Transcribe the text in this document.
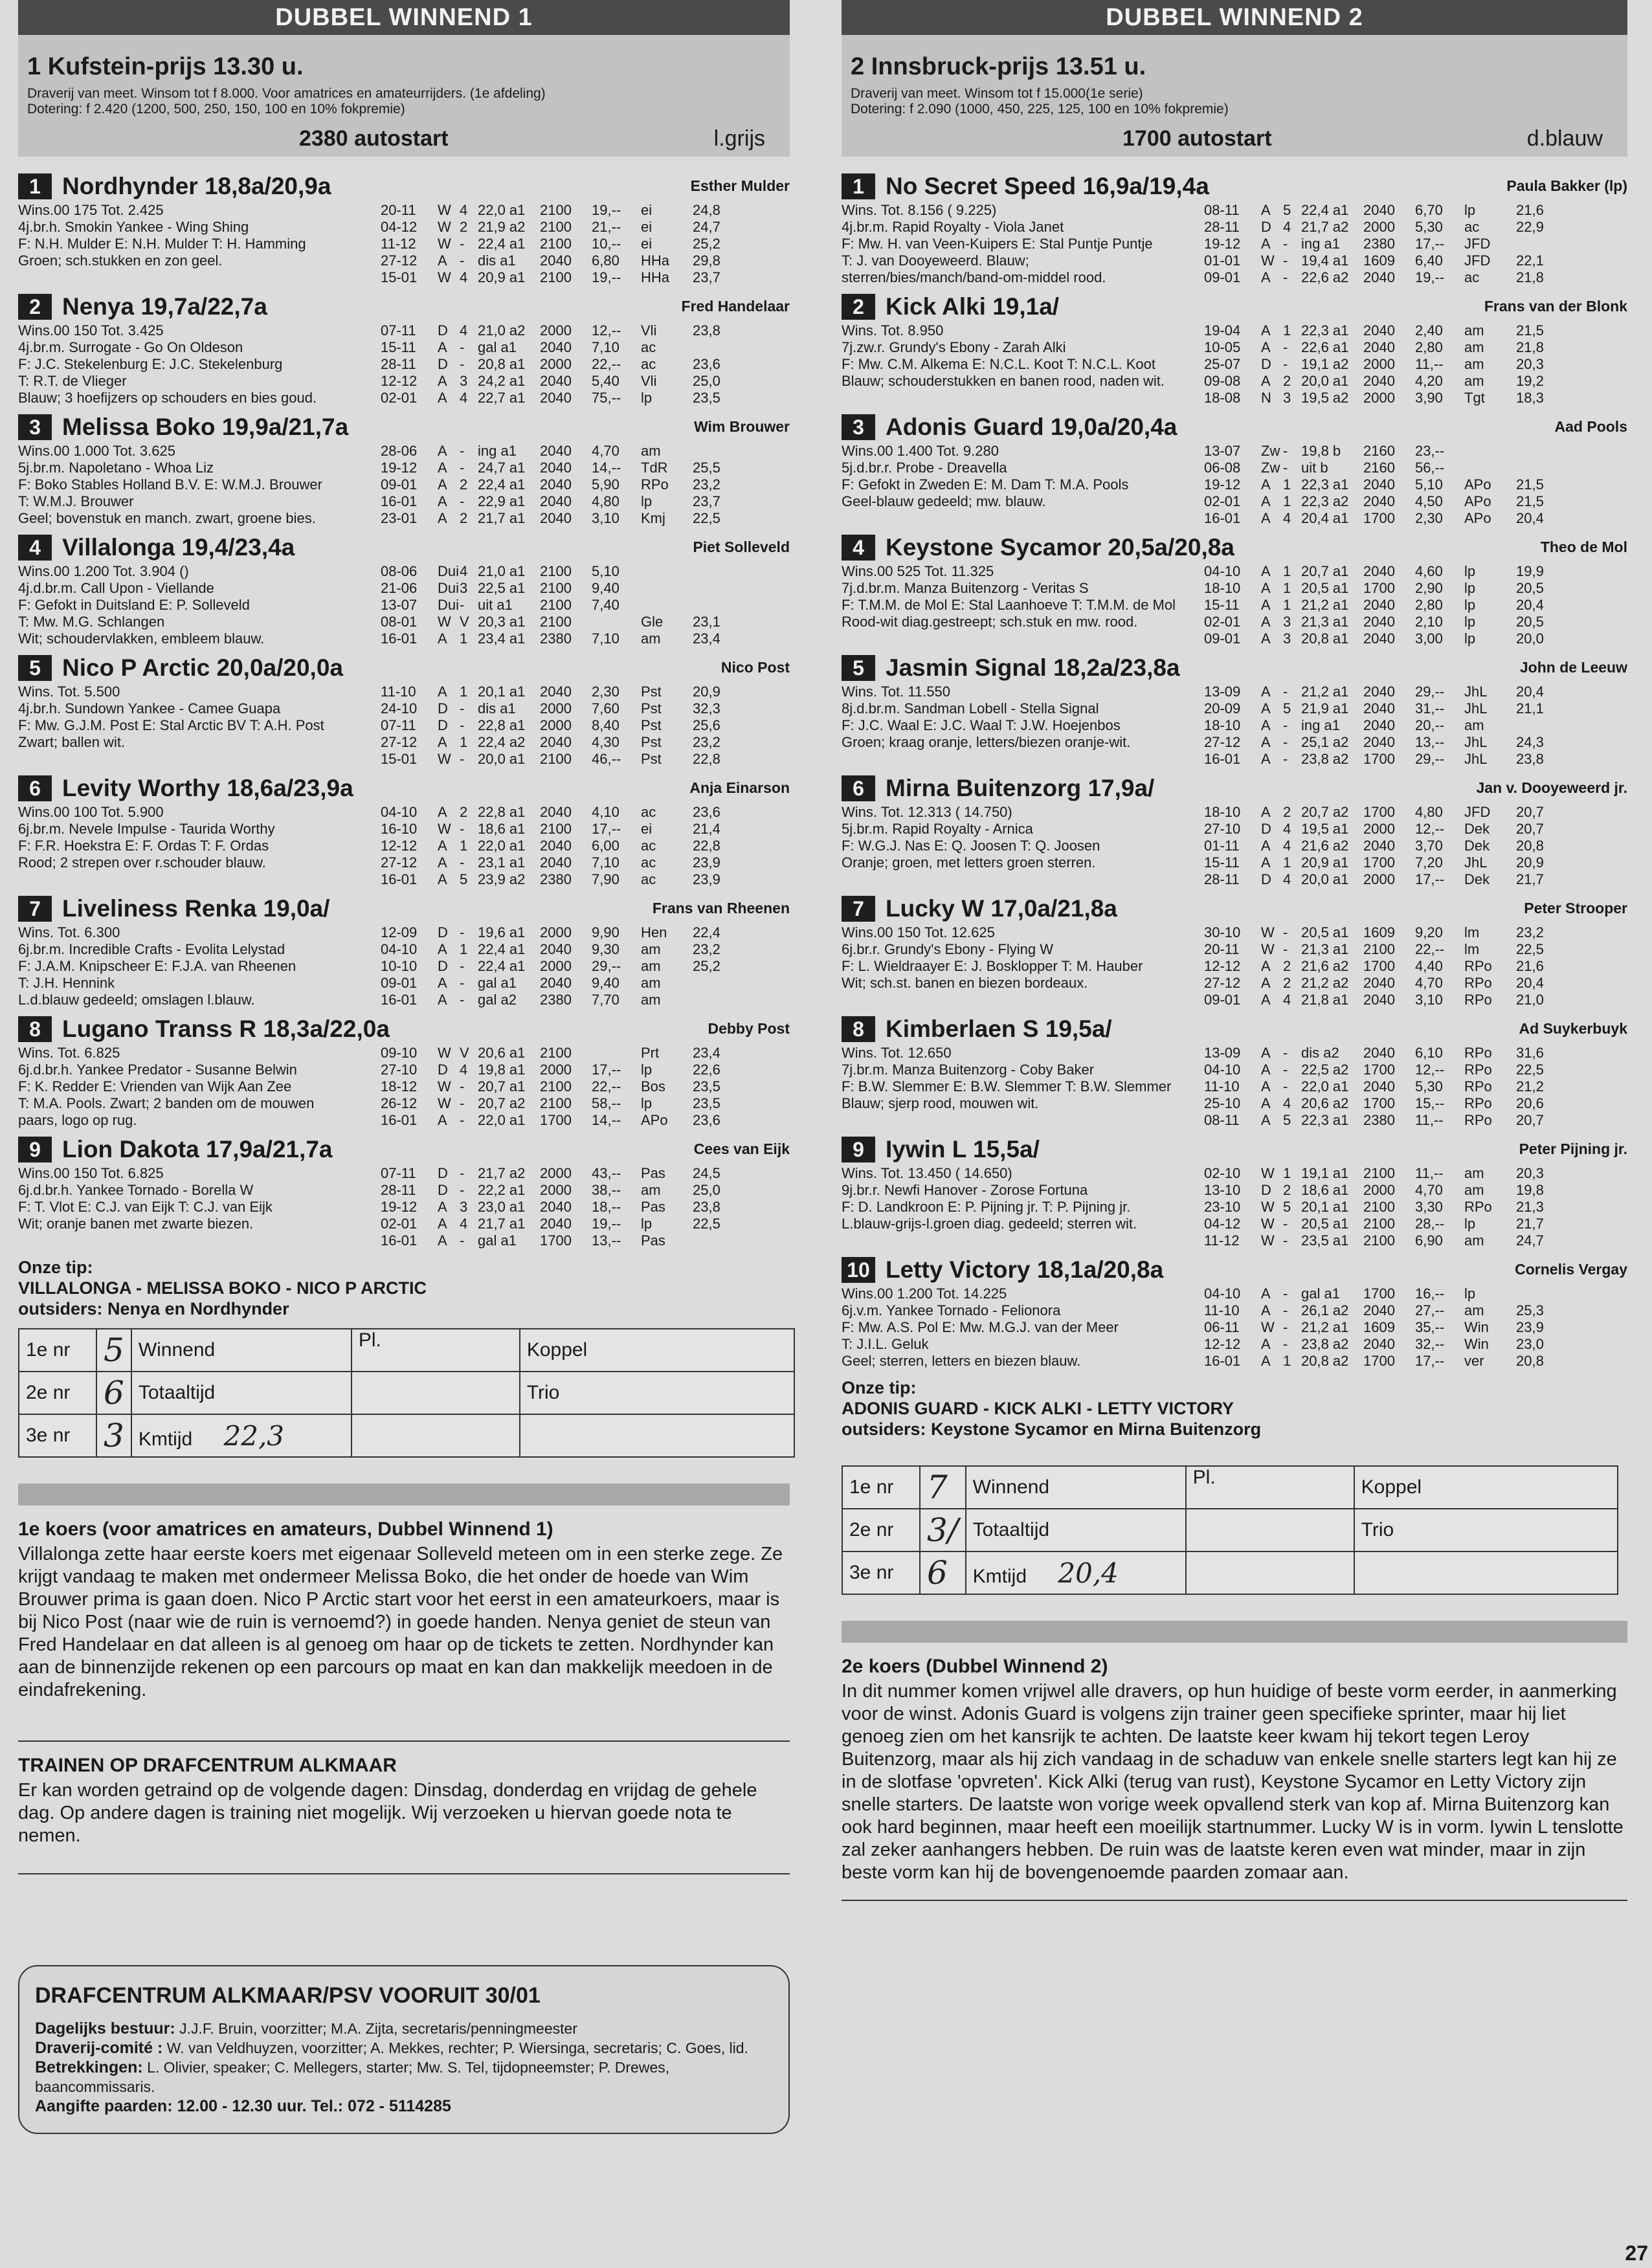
DUBBEL WINNEND 1
1 Kufstein-prijs 13.30 u.
Draverij van meet. Winsom tot f 8.000. Voor amatrices en amateurrijders. (1e afdeling)
Dotering: f 2.420 (1200, 500, 250, 150, 100 en 10% fokpremie)
2380 autostart	l.grijs
1 Nordhynder 18,8a/20,9a	Esther Mulder
Wins.00 175 Tot. 2.425
4j.br.h. Smokin Yankee - Wing Shing
F: N.H. Mulder E: N.H. Mulder T: H. Hamming
Groen; sch.stukken en zon geel.
20-11	W 4 22,0 a1	2100	19,--	ei	24,8
04-12	W 2 21,9 a2	2100	21,--	ei	24,7
11-12	W - 22,4 a1	2100	10,--	ei	25,2
27-12	A - dis a1	2040	6,80	HHa	29,8
15-01	W 4 20,9 a1	2100	19,--	HHa	23,7
2 Nenya 19,7a/22,7a	Fred Handelaar
Wins.00 150 Tot. 3.425
4j.br.m. Surrogate - Go On Oldeson
F: J.C. Stekelenburg E: J.C. Stekelenburg
T: R.T. de Vlieger
Blauw; 3 hoefijzers op schouders en bies goud.
07-11	D 4 21,0 a2	2000	12,--	Vli	23,8
15-11	A - gal a1	2040	7,10	ac
28-11	D - 20,8 a1	2000	22,--	ac	23,6
12-12	A 3 24,2 a1	2040	5,40	Vli	25,0
02-01	A 4 22,7 a1	2040	75,--	lp	23,5
3 Melissa Boko 19,9a/21,7a	Wim Brouwer
Wins.00 1.000 Tot. 3.625
5j.br.m. Napoletano - Whoa Liz
F: Boko Stables Holland B.V. E: W.M.J. Brouwer
T: W.M.J. Brouwer
Geel; bovenstuk en manch. zwart, groene bies.
28-06	A - ing a1	2040	4,70	am
19-12	A - 24,7 a1	2040	14,--	TdR	25,5
09-01	A 2 22,4 a1	2040	5,90	RPo	23,2
16-01	A - 22,9 a1	2040	4,80	lp	23,7
23-01	A 2 21,7 a1	2040	3,10	Kmj	22,5
4 Villalonga 19,4/23,4a	Piet Solleveld
Wins.00 1.200 Tot. 3.904 ()
4j.d.br.m. Call Upon - Viellande
F: Gefokt in Duitsland E: P. Solleveld
T: Mw. M.G. Schlangen
Wit; schoudervlakken, embleem blauw.
08-06	Dui 4 21,0 a1	2100	5,10
21-06	Dui 3 22,5 a1	2100	9,40
13-07	Dui - uit a1	2100	7,40
08-01	W V 20,3 a1	2100	Gle	23,1
16-01	A 1 23,4 a1	2380	7,10	am	23,4
5 Nico P Arctic 20,0a/20,0a	Nico Post
Wins. Tot. 5.500
4j.br.h. Sundown Yankee - Camee Guapa
F: Mw. G.J.M. Post E: Stal Arctic BV T: A.H. Post
Zwart; ballen wit.
11-10	A 1 20,1 a1	2040	2,30	Pst	20,9
24-10	D - dis a1	2000	7,60	Pst	32,3
07-11	D - 22,8 a1	2000	8,40	Pst	25,6
27-12	A 1 22,4 a2	2040	4,30	Pst	23,2
15-01	W - 20,0 a1	2100	46,--	Pst	22,8
6 Levity Worthy 18,6a/23,9a	Anja Einarson
Wins.00 100 Tot. 5.900
6j.br.m. Nevele Impulse - Taurida Worthy
F: F.R. Hoekstra E: F. Ordas T: F. Ordas
Rood; 2 strepen over r.schouder blauw.
04-10	A 2 22,8 a1	2040	4,10	ac	23,6
16-10	W - 18,6 a1	2100	17,--	ei	21,4
12-12	A 1 22,0 a1	2040	6,00	ac	22,8
27-12	A - 23,1 a1	2040	7,10	ac	23,9
16-01	A 5 23,9 a2	2380	7,90	ac	23,9
7 Liveliness Renka 19,0a/	Frans van Rheenen
Wins. Tot. 6.300
6j.br.m. Incredible Crafts - Evolita Lelystad
F: J.A.M. Knipscheer E: F.J.A. van Rheenen
T: J.H. Hennink
L.d.blauw gedeeld; omslagen l.blauw.
12-09	D - 19,6 a1	2000	9,90	Hen	22,4
04-10	A 1 22,4 a1	2040	9,30	am	23,2
10-10	D - 22,4 a1	2000	29,--	am	25,2
09-01	A - gal a1	2040	9,40	am
16-01	A - gal a2	2380	7,70	am
8 Lugano Transs R 18,3a/22,0a	Debby Post
Wins. Tot. 6.825
6j.d.br.h. Yankee Predator - Susanne Belwin
F: K. Redder E: Vrienden van Wijk Aan Zee
T: M.A. Pools. Zwart; 2 banden om de mouwen
paars, logo op rug.
09-10	W V 20,6 a1	2100	Prt	23,4
27-10	D 4 19,8 a1	2000	17,--	lp	22,6
18-12	W - 20,7 a1	2100	22,--	Bos	23,5
26-12	W - 20,7 a2	2100	58,--	lp	23,5
16-01	A - 22,0 a1	1700	14,--	APo	23,6
9 Lion Dakota 17,9a/21,7a	Cees van Eijk
Wins.00 150 Tot. 6.825
6j.d.br.h. Yankee Tornado - Borella W
F: T. Vlot E: C.J. van Eijk T: C.J. van Eijk
Wit; oranje banen met zwarte biezen.
07-11	D - 21,7 a2	2000	43,--	Pas	24,5
28-11	D - 22,2 a1	2000	38,--	am	25,0
19-12	A 3 23,0 a1	2040	18,--	Pas	23,8
02-01	A 4 21,7 a1	2040	19,--	lp	22,5
16-01	A - gal a1	1700	13,--	Pas
Onze tip:
VILLALONGA - MELISSA BOKO - NICO P ARCTIC
outsiders: Nenya en Nordhynder
1e nr	5	Winnend	Pl.	Koppel
2e nr	6	Totaaltijd		Trio
3e nr	3	Kmtijd 22,3		
1e koers (voor amatrices en amateurs, Dubbel Winnend 1)
Villalonga zette haar eerste koers met eigenaar Solleveld meteen om in een sterke zege. Ze krijgt vandaag te maken met ondermeer Melissa Boko, die het onder de hoede van Wim Brouwer prima is gaan doen. Nico P Arctic start voor het eerst in een amateurkoers, maar is bij Nico Post (naar wie de ruin is vernoemd?) in goede handen. Nenya geniet de steun van Fred Handelaar en dat alleen is al genoeg om haar op de tickets te zetten. Nordhynder kan aan de binnenzijde rekenen op een parcours op maat en kan dan makkelijk meedoen in de eindafrekening.
TRAINEN OP DRAFCENTRUM ALKMAAR
Er kan worden getraind op de volgende dagen: Dinsdag, donderdag en vrijdag de gehele dag. Op andere dagen is training niet mogelijk. Wij verzoeken u hiervan goede nota te nemen.
DRAFCENTRUM ALKMAAR/PSV VOORUIT 30/01
Dagelijks bestuur: J.J.F. Bruin, voorzitter; M.A. Zijta, secretaris/penningmeester
Draverij-comité : W. van Veldhuyzen, voorzitter; A. Mekkes, rechter; P. Wiersinga, secretaris; C. Goes, lid.
Betrekkingen: L. Olivier, speaker; C. Mellegers, starter; Mw. S. Tel, tijdopneemster; P. Drewes, baancommissaris.
Aangifte paarden: 12.00 - 12.30 uur. Tel.: 072 - 5114285
DUBBEL WINNEND 2
2 Innsbruck-prijs 13.51 u.
Draverij van meet. Winsom tot f 15.000(1e serie)
Dotering: f 2.090 (1000, 450, 225, 125, 100 en 10% fokpremie)
1700 autostart	d.blauw
1 No Secret Speed 16,9a/19,4a	Paula Bakker (lp)
Wins. Tot. 8.156 ( 9.225)
4j.br.m. Rapid Royalty - Viola Janet
F: Mw. H. van Veen-Kuipers E: Stal Puntje Puntje
T: J. van Dooyeweerd. Blauw;
sterren/bies/manch/band-om-middel rood.
08-11	A 5 22,4 a1	2040	6,70	lp	21,6
28-11	D 4 21,7 a2	2000	5,30	ac	22,9
19-12	A - ing a1	2380	17,--	JFD
01-01	W - 19,4 a1	1609	6,40	JFD	22,1
09-01	A - 22,6 a2	2040	19,--	ac	21,8
2 Kick Alki 19,1a/	Frans van der Blonk
Wins. Tot. 8.950
7j.zw.r. Grundy's Ebony - Zarah Alki
F: Mw. C.M. Alkema E: N.C.L. Koot T: N.C.L. Koot
Blauw; schouderstukken en banen rood, naden wit.
19-04	A 1 22,3 a1	2040	2,40	am	21,5
10-05	A - 22,6 a1	2040	2,80	am	21,8
25-07	D - 19,1 a2	2000	11,--	am	20,3
09-08	A 2 20,0 a1	2040	4,20	am	19,2
18-08	N 3 19,5 a2	2000	3,90	Tgt	18,3
3 Adonis Guard 19,0a/20,4a	Aad Pools
Wins.00 1.400 Tot. 9.280
5j.d.br.r. Probe - Dreavella
F: Gefokt in Zweden E: M. Dam T: M.A. Pools
Geel-blauw gedeeld; mw. blauw.
13-07	Zw - 19,8 b	2160	23,--
06-08	Zw - uit b	2160	56,--
19-12	A 1 22,3 a1	2040	5,10	APo	21,5
02-01	A 1 22,3 a2	2040	4,50	APo	21,5
16-01	A 4 20,4 a1	1700	2,30	APo	20,4
4 Keystone Sycamor 20,5a/20,8a	Theo de Mol
Wins.00 525 Tot. 11.325
7j.d.br.m. Manza Buitenzorg - Veritas S
F: T.M.M. de Mol E: Stal Laanhoeve T: T.M.M. de Mol
Rood-wit diag.gestreept; sch.stuk en mw. rood.
04-10	A 1 20,7 a1	2040	4,60	lp	19,9
18-10	A 1 20,5 a1	1700	2,90	lp	20,5
15-11	A 1 21,2 a1	2040	2,80	lp	20,4
02-01	A 3 21,3 a1	2040	2,10	lp	20,5
09-01	A 3 20,8 a1	2040	3,00	lp	20,0
5 Jasmin Signal 18,2a/23,8a	John de Leeuw
Wins. Tot. 11.550
8j.d.br.m. Sandman Lobell - Stella Signal
F: J.C. Waal E: J.C. Waal T: J.W. Hoejenbos
Groen; kraag oranje, letters/biezen oranje-wit.
13-09	A - 21,2 a1	2040	29,--	JhL	20,4
20-09	A 5 21,9 a1	2040	31,--	JhL	21,1
18-10	A - ing a1	2040	20,--	am
27-12	A - 25,1 a2	2040	13,--	JhL	24,3
16-01	A - 23,8 a2	1700	29,--	JhL	23,8
6 Mirna Buitenzorg 17,9a/	Jan v. Dooyeweerd jr.
Wins. Tot. 12.313 ( 14.750)
5j.br.m. Rapid Royalty - Arnica
F: W.G.J. Nas E: Q. Joosen T: Q. Joosen
Oranje; groen, met letters groen sterren.
18-10	A 2 20,7 a2	1700	4,80	JFD	20,7
27-10	D 4 19,5 a1	2000	12,--	Dek	20,7
01-11	A 4 21,6 a2	2040	3,70	Dek	20,8
15-11	A 1 20,9 a1	1700	7,20	JhL	20,9
28-11	D 4 20,0 a1	2000	17,--	Dek	21,7
7 Lucky W 17,0a/21,8a	Peter Strooper
Wins.00 150 Tot. 12.625
6j.br.r. Grundy's Ebony - Flying W
F: L. Wieldraayer E: J. Bosklopper T: M. Hauber
Wit; sch.st. banen en biezen bordeaux.
30-10	W - 20,5 a1	1609	9,20	lm	23,2
20-11	W - 21,3 a1	2100	22,--	lm	22,5
12-12	A 2 21,6 a2	1700	4,40	RPo	21,6
27-12	A 2 21,2 a2	2040	4,70	RPo	20,4
09-01	A 4 21,8 a1	2040	3,10	RPo	21,0
8 Kimberlaen S 19,5a/	Ad Suykerbuyk
Wins. Tot. 12.650
7j.br.m. Manza Buitenzorg - Coby Baker
F: B.W. Slemmer E: B.W. Slemmer T: B.W. Slemmer
Blauw; sjerp rood, mouwen wit.
13-09	A - dis a2	2040	6,10	RPo	31,6
04-10	A - 22,5 a2	1700	12,--	RPo	22,5
11-10	A - 22,0 a1	2040	5,30	RPo	21,2
25-10	A 4 20,6 a2	1700	15,--	RPo	20,6
08-11	A 5 22,3 a1	2380	11,--	RPo	20,7
9 Iywin L 15,5a/	Peter Pijning jr.
Wins. Tot. 13.450 ( 14.650)
9j.br.r. Newfi Hanover - Zorose Fortuna
F: D. Landkroon E: P. Pijning jr. T: P. Pijning jr.
L.blauw-grijs-l.groen diag. gedeeld; sterren wit.
02-10	W 1 19,1 a1	2100	11,--	am	20,3
13-10	D 2 18,6 a1	2000	4,70	am	19,8
23-10	W 5 20,1 a1	2100	3,30	RPo	21,3
04-12	W - 20,5 a1	2100	28,--	lp	21,7
11-12	W - 23,5 a1	2100	6,90	am	24,7
10 Letty Victory 18,1a/20,8a	Cornelis Vergay
Wins.00 1.200 Tot. 14.225
6j.v.m. Yankee Tornado - Felionora
F: Mw. A.S. Pol E: Mw. M.G.J. van der Meer
T: J.I.L. Geluk
Geel; sterren, letters en biezen blauw.
04-10	A - gal a1	1700	16,--	lp
11-10	A - 26,1 a2	2040	27,--	am	25,3
06-11	W - 21,2 a1	1609	35,--	Win	23,9
12-12	A - 23,8 a2	2040	32,--	Win	23,0
16-01	A 1 20,8 a2	1700	17,--	ver	20,8
Onze tip:
ADONIS GUARD - KICK ALKI - LETTY VICTORY
outsiders: Keystone Sycamor en Mirna Buitenzorg
1e nr	7	Winnend	Pl.	Koppel
2e nr	3/	Totaaltijd		Trio
3e nr	6	Kmtijd 20,4		
2e koers (Dubbel Winnend 2)
In dit nummer komen vrijwel alle dravers, op hun huidige of beste vorm eerder, in aanmerking voor de winst. Adonis Guard is volgens zijn trainer geen specifieke sprinter, maar hij liet genoeg zien om het kansrijk te achten. De laatste keer kwam hij tekort tegen Leroy Buitenzorg, maar als hij zich vandaag in de schaduw van enkele snelle starters legt kan hij ze in de slotfase 'opvreten'. Kick Alki (terug van rust), Keystone Sycamor en Letty Victory zijn snelle starters. De laatste won vorige week opvallend sterk van kop af. Mirna Buitenzorg kan ook hard beginnen, maar heeft een moeilijk startnummer. Lucky W is in vorm. Iywin L tenslotte zal zeker aanhangers hebben. De ruin was de laatste keren even wat minder, maar in zijn beste vorm kan hij de bovengenoemde paarden zomaar aan.
27
